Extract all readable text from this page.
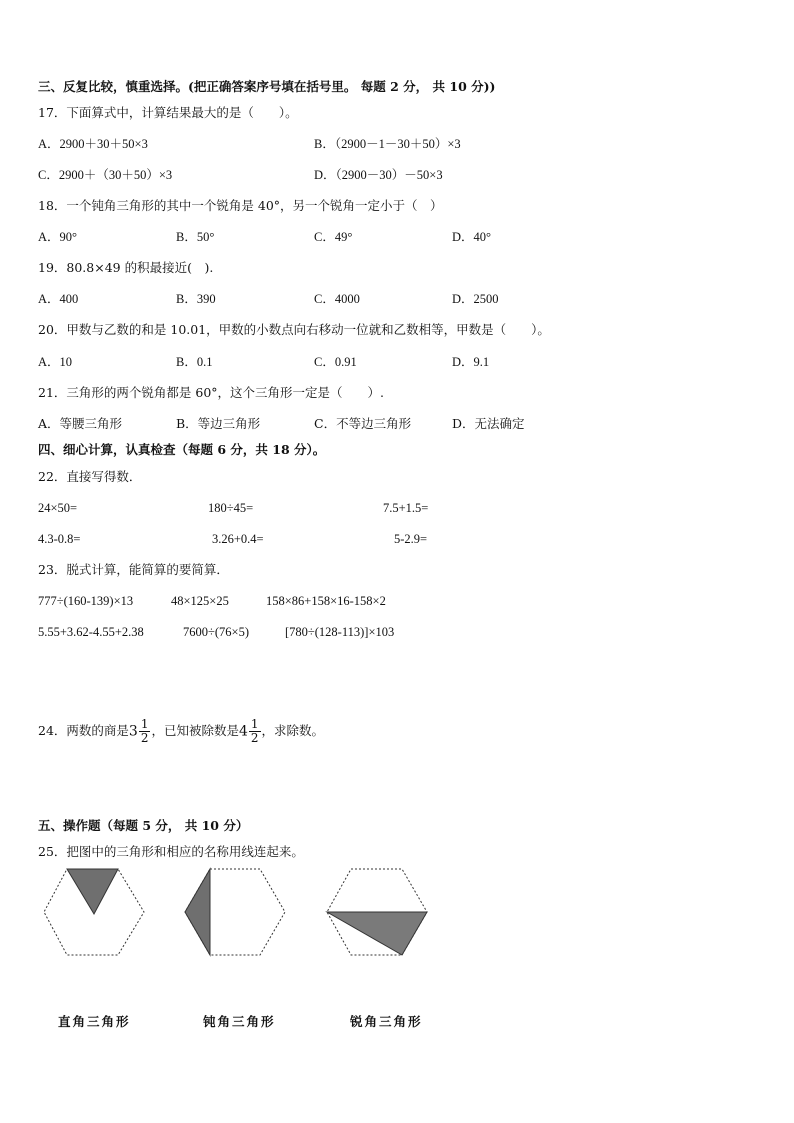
三、反复比较，慎重选择。(把正确答案序号填在括号里。 每题 2 分， 共 10 分))
17．下面算式中，计算结果最大的是（　　）。
A．2900＋30＋50×3	B．（2900－1－30＋50）×3
C．2900＋（30＋50）×3	D．（2900－30）－50×3
18．一个钝角三角形的其中一个锐角是 40°，另一个锐角一定小于（　）
A．90°	B．50°	C．49°	D．40°
19．80.8×49 的积最接近(　).
A．400	B．390	C．4000	D．2500
20．甲数与乙数的和是 10.01，甲数的小数点向右移动一位就和乙数相等，甲数是（　　）。
A．10	B．0.1	C．0.91	D．9.1
21．三角形的两个锐角都是 60°，这个三角形一定是（　　）.
A．等腰三角形	B．等边三角形	C．不等边三角形	D．无法确定
四、细心计算，认真检查（每题 6 分，共 18 分）。
22．直接写得数．
24×50=	180÷45=	7.5+1.5=
4.3-0.8=	3.26+0.4=	5-2.9=
23．脱式计算，能简算的要简算．
777÷(160-139)×13	48×125×25	158×86+158×16-158×2
5.55+3.62-4.55+2.38	7600÷(76×5)	[780÷(128-113)]×103
24．两数的商是$3 \frac{1}{2}$ ，已知被除数是$4 \frac{1}{2}$ ，求除数。
五、操作题（每题 5 分， 共 10 分）
25．把图中的三角形和相应的名称用线连起来。
直角三角形	钝角三角形	锐角三角形
